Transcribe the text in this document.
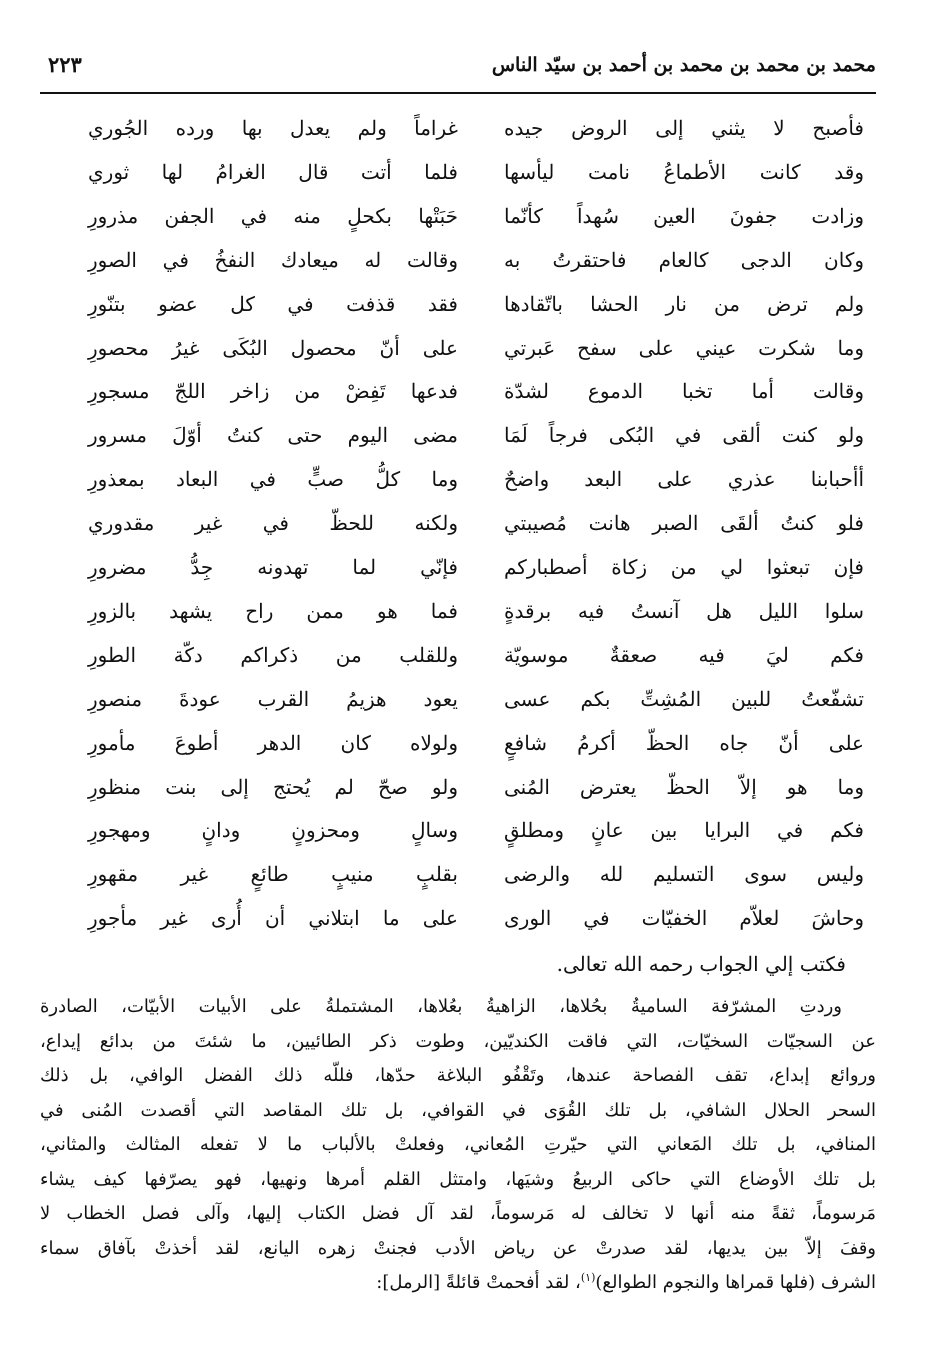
محمد بن محمد بن محمد بن أحمد بن سيّد الناس
٢٢٣
فأصبح لا يثني إلى الروض جيده
غراماً ولم يعدل بها ورده الجُوري
وقد كانت الأطماعُ نامت ليأسها
فلما أتت قال الغرامُ لها ثوري
وزادت جفونَ العين سُهداً كأنّما
حَبَتْها بكحلٍ منه في الجفن مذرورِ
وكان الدجى كالعام فاحتقرتُ به
وقالت له ميعادك النفخُ في الصورِ
ولم ترض من نار الحشا باتّقادها
فقد قذفت في كل عضو بتنّورِ
وما شكرت عيني على سفح عَبرتي
على أنّ محصول البُكَى غيرُ محصورِ
وقالت أما تخبا الدموع لشدّة
فدعها تَفِضْ من زاخر اللجّ مسجورِ
ولو كنت ألقى في البُكى فرجاً لَمَا
مضى اليوم حتى كنتُ أوّلَ مسرور
أأحبابنا عذري على البعد واضحٌ
وما كلُّ صبٍّ في البعاد بمعذورِ
فلو كنتُ ألقَى الصبر هانت مُصيبتي
ولكنه للحظّ في غير مقدوري
فإن تبعثوا لي من زكاة أصطباركم
فإنّي لما تهدونه جِدُّ مضرورِ
سلوا الليل هل آنستُ فيه برقدةٍ
فما هو ممن راح يشهد بالزورِ
فكم ليَ فيه صعقةٌ موسويّة
وللقلب من ذكراكم دكّة الطورِ
تشفّعتُ للبين المُشِتِّ بكم عسى
يعود هزيمُ القرب عودةَ منصورِ
على أنّ جاه الحظّ أكرمُ شافعٍ
ولولاه كان الدهر أطوعَ مأمورِ
وما هو إلاّ الحظّ يعترض المُنى
ولو صحّ لم يُحتج إلى بنت منظورِ
فكم في البرايا بين عانٍ ومطلقٍ
وسالٍ ومحزونٍ ودانٍ ومهجورِ
وليس سوى التسليم لله والرضى
بقلبٍ منيبٍ طائعٍ غير مقهورِ
وحاشَ لعلاّم الخفيّات في الورى
على ما ابتلاني أن أُرى غير مأجورِ
فكتب إلي الجواب رحمه الله تعالى.
وردتِ المشرّفة الساميةُ بحُلاها، الزاهيةُ بعُلاها، المشتملةُ على الأبيات الأبيّات، الصادرة
عن السجيّات السخيّات، التي فاقت الكنديّين، وطوت ذكر الطائيين، ما شئتَ من بدائع إيداع،
وروائع إبداع، تقف الفصاحة عندها، وتَقْفُو البلاغة حدّها، فللّه ذلك الفضل الوافي، بل ذلك
السحر الحلال الشافي، بل تلك القُوَى في القوافي، بل تلك المقاصد التي أقصدت المُنى في
المنافي، بل تلك المَعاني التي حيّرتِ المُعاني، وفعلتْ بالألباب ما لا تفعله المثالث والمثاني،
بل تلك الأوضاع التي حاكى الربيعُ وشيَها، وامتثل القلم أمرها ونهيها، فهو يصرّفها كيف يشاء
مَرسوماً، ثقةً منه أنها لا تخالف له مَرسوماً، لقد آل فضل الكتاب إليها، وآلى فصل الخطاب لا
وقفَ إلاّ بين يديها، لقد صدرتْ عن رياض الأدب فجنتْ زهره اليانع، لقد أخذتْ بآفاق سماء
الشرف (فلها قمراها والنجوم الطوالع)$^{(١)}$، لقد أفحمتْ قائلةً [الرمل]:
